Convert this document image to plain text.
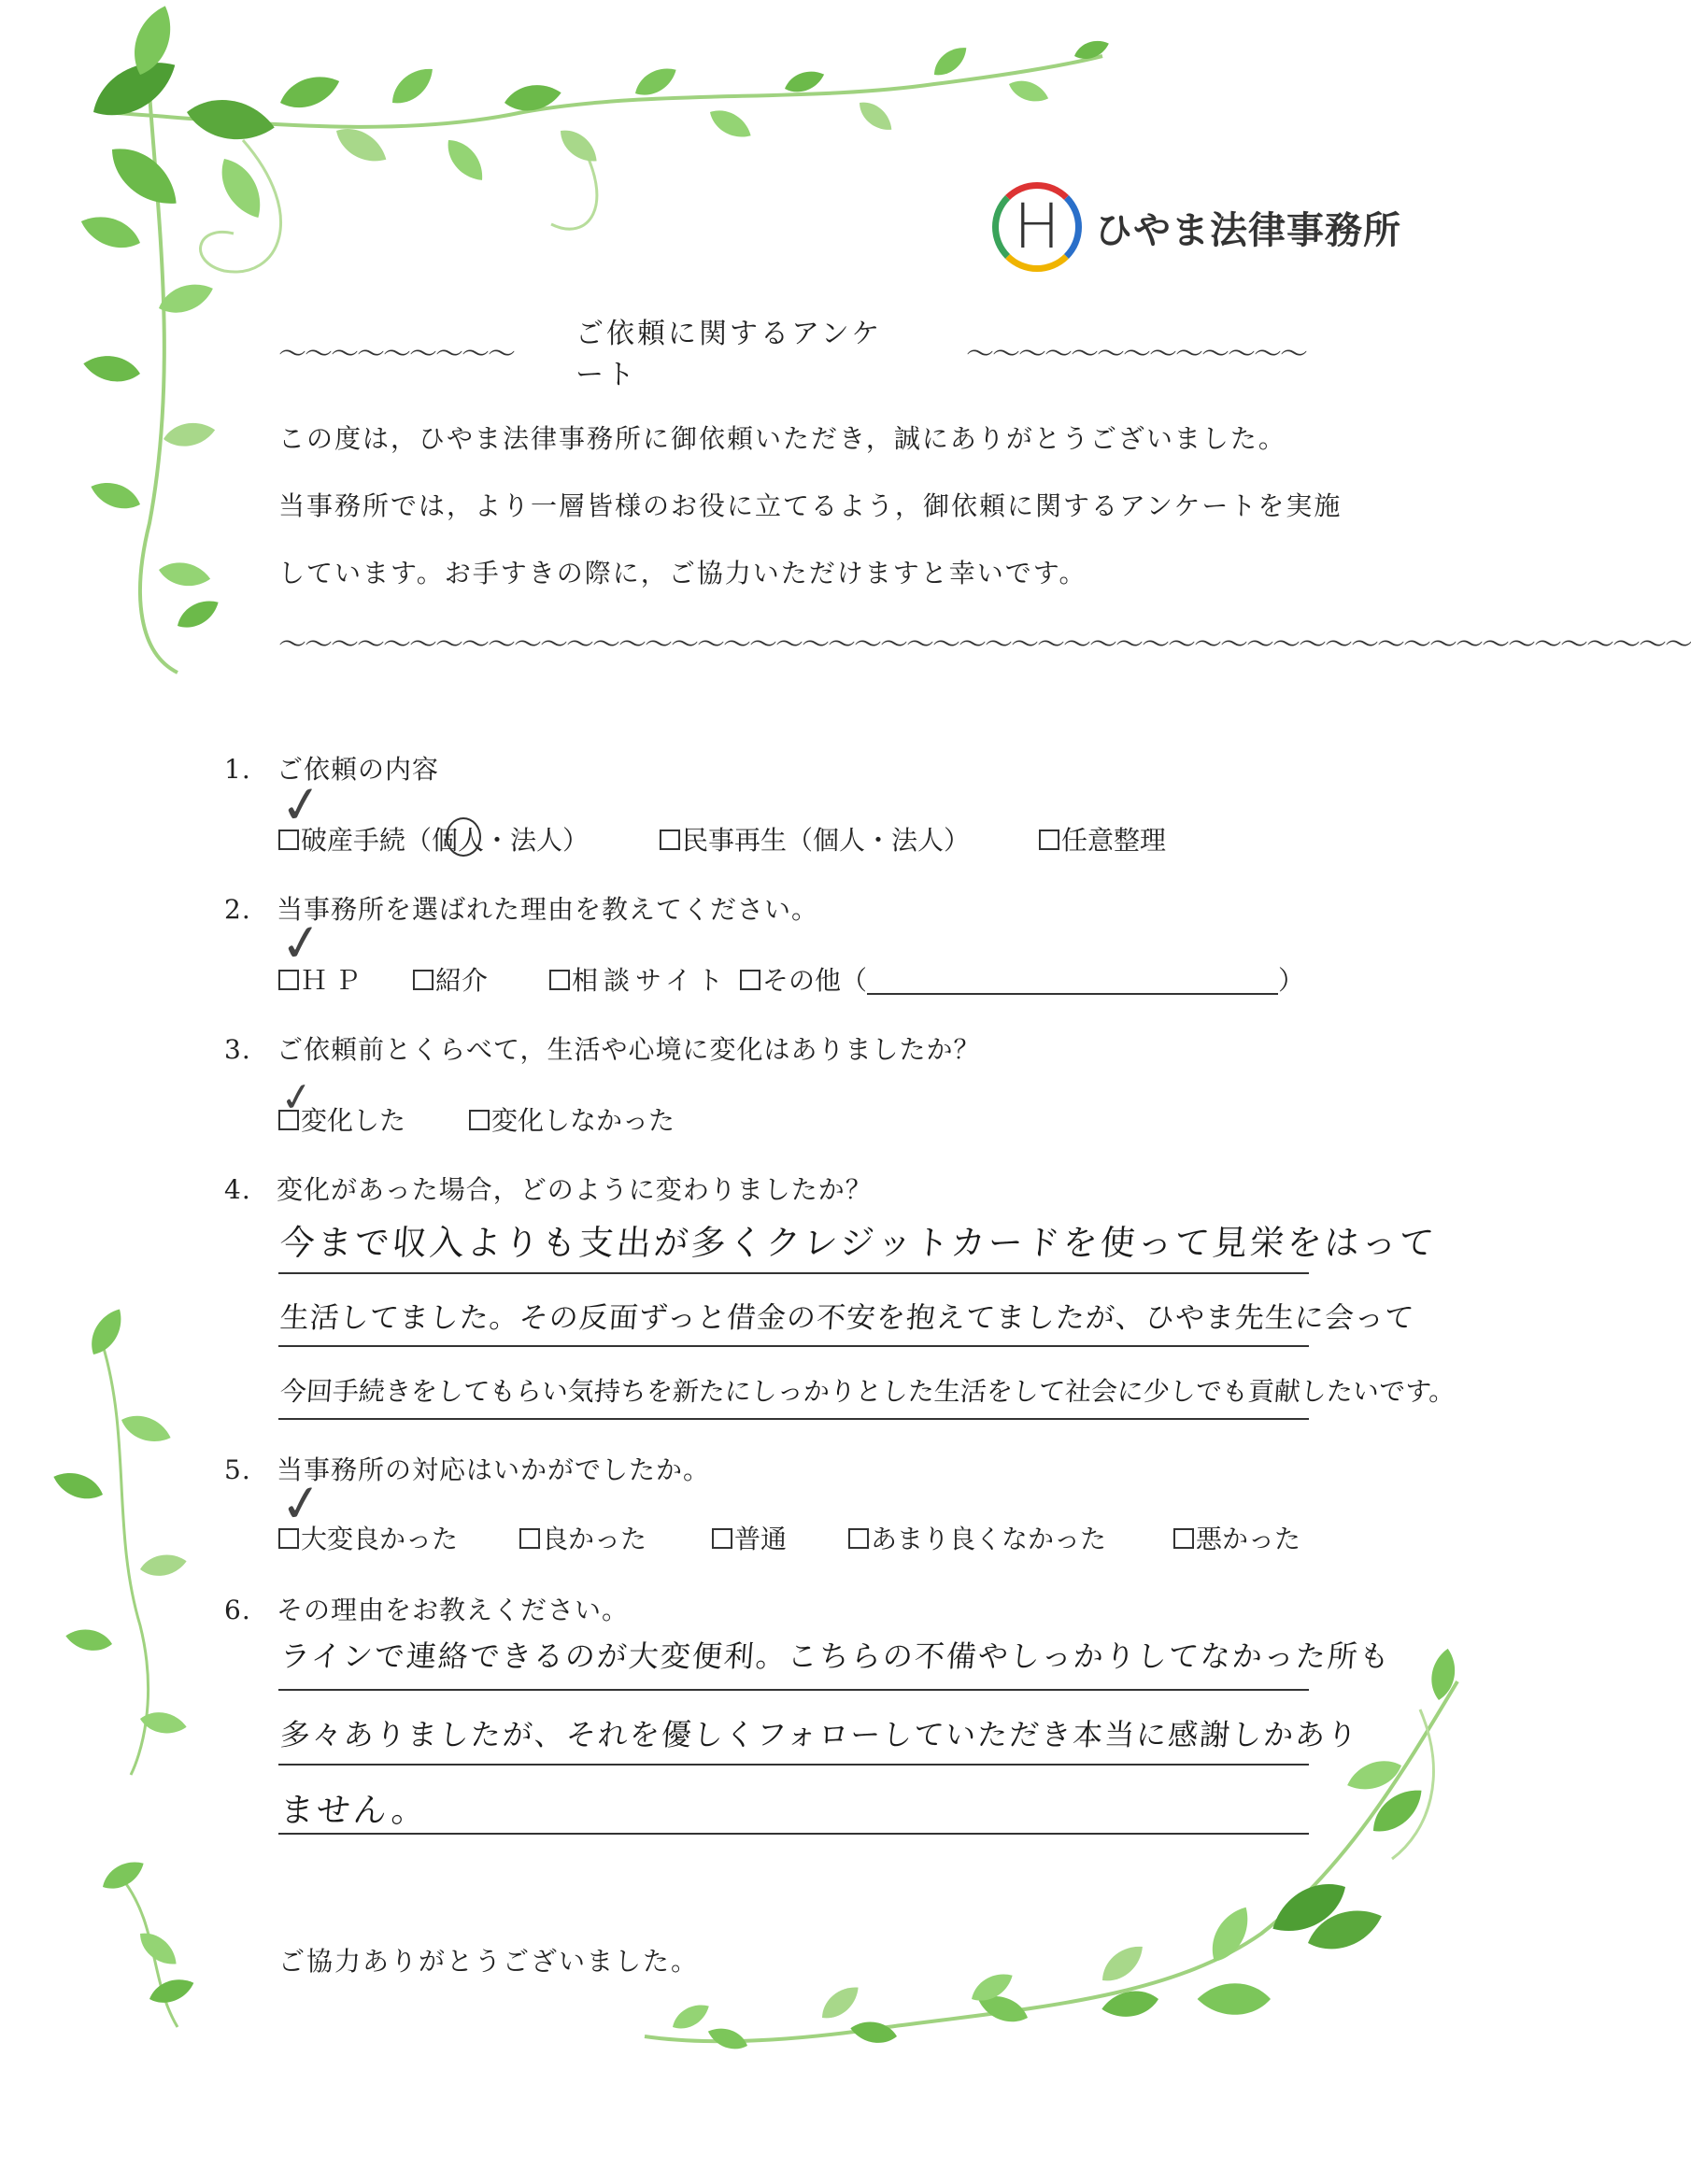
H ひやま法律事務所
〜〜〜〜〜〜〜〜〜
ご依頼に関するアンケート
〜〜〜〜〜〜〜〜〜〜〜〜〜
この度は，ひやま法律事務所に御依頼いただき，誠にありがとうございました。
当事務所では，より一層皆様のお役に立てるよう，御依頼に関するアンケートを実施
しています。お手すきの際に，ご協力いただけますと幸いです。
〜〜〜〜〜〜〜〜〜〜〜〜〜〜〜〜〜〜〜〜〜〜〜〜〜〜〜〜〜〜〜〜〜〜〜〜〜〜〜〜〜〜〜〜〜〜〜〜〜〜〜〜〜〜
1. ご依頼の内容
破産手続（個人・法人）	民事再生（個人・法人）	任意整理
✓
2. 当事務所を選ばれた理由を教えてください。
ＨＰ	紹介	相談サイト	その他（	）
✓
3. ご依頼前とくらべて，生活や心境に変化はありましたか？
変化した	変化しなかった
✓
4. 変化があった場合，どのように変わりましたか？
今まで収入よりも支出が多くクレジットカードを使って見栄をはって
生活してました。その反面ずっと借金の不安を抱えてましたが、ひやま先生に会って
今回手続きをしてもらい気持ちを新たにしっかりとした生活をして社会に少しでも貢献したいです。
5. 当事務所の対応はいかがでしたか。
大変良かった	良かった	普通	あまり良くなかった	悪かった
✓
6. その理由をお教えください。
ラインで連絡できるのが大変便利。こちらの不備やしっかりしてなかった所も
多々ありましたが、それを優しくフォローしていただき本当に感謝しかあり
ません。
ご協力ありがとうございました。
